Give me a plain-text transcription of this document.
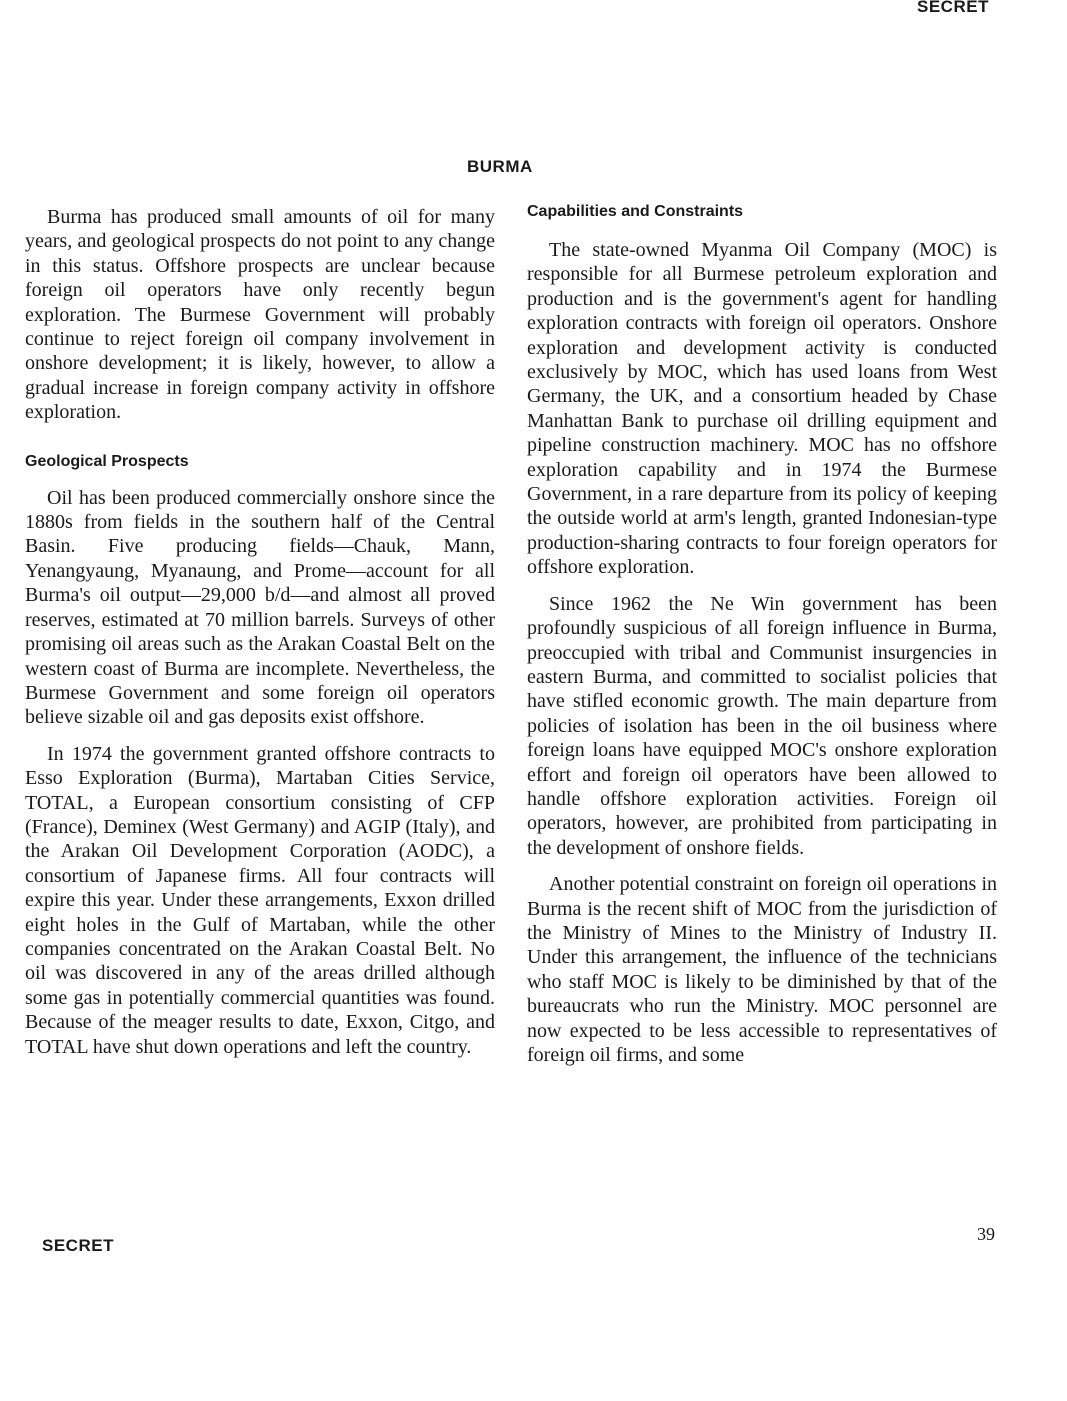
SECRET
BURMA

Burma has produced small amounts of oil for many years, and geological prospects do not point to any change in this status. Offshore prospects are unclear because foreign oil operators have only recently begun exploration. The Burmese Government will probably continue to reject foreign oil company involvement in onshore development; it is likely, however, to allow a gradual increase in foreign company activity in offshore exploration.

Geological Prospects

Oil has been produced commercially onshore since the 1880s from fields in the southern half of the Central Basin. Five producing fields—Chauk, Mann, Yenangyaung, Myanaung, and Prome—account for all Burma's oil output—29,000 b/d—and almost all proved reserves, estimated at 70 million barrels. Surveys of other promising oil areas such as the Arakan Coastal Belt on the western coast of Burma are incomplete. Nevertheless, the Burmese Government and some foreign oil operators believe sizable oil and gas deposits exist offshore.

In 1974 the government granted offshore contracts to Esso Exploration (Burma), Martaban Cities Service, TOTAL, a European consortium consisting of CFP (France), Deminex (West Germany) and AGIP (Italy), and the Arakan Oil Development Corporation (AODC), a consortium of Japanese firms. All four contracts will expire this year. Under these arrangements, Exxon drilled eight holes in the Gulf of Martaban, while the other companies concentrated on the Arakan Coastal Belt. No oil was discovered in any of the areas drilled although some gas in potentially commercial quantities was found. Because of the meager results to date, Exxon, Citgo, and TOTAL have shut down operations and left the country.

Capabilities and Constraints

The state-owned Myanma Oil Company (MOC) is responsible for all Burmese petroleum exploration and production and is the government's agent for handling exploration contracts with foreign oil operators. Onshore exploration and development activity is conducted exclusively by MOC, which has used loans from West Germany, the UK, and a consortium headed by Chase Manhattan Bank to purchase oil drilling equipment and pipeline construction machinery. MOC has no offshore exploration capability and in 1974 the Burmese Government, in a rare departure from its policy of keeping the outside world at arm's length, granted Indonesian-type production-sharing contracts to four foreign operators for offshore exploration.

Since 1962 the Ne Win government has been profoundly suspicious of all foreign influence in Burma, preoccupied with tribal and Communist insurgencies in eastern Burma, and committed to socialist policies that have stifled economic growth. The main departure from policies of isolation has been in the oil business where foreign loans have equipped MOC's onshore exploration effort and foreign oil operators have been allowed to handle offshore exploration activities. Foreign oil operators, however, are prohibited from participating in the development of onshore fields.

Another potential constraint on foreign oil operations in Burma is the recent shift of MOC from the jurisdiction of the Ministry of Mines to the Ministry of Industry II. Under this arrangement, the influence of the technicians who staff MOC is likely to be diminished by that of the bureaucrats who run the Ministry. MOC personnel are now expected to be less accessible to representatives of foreign oil firms, and some

SECRET
39
